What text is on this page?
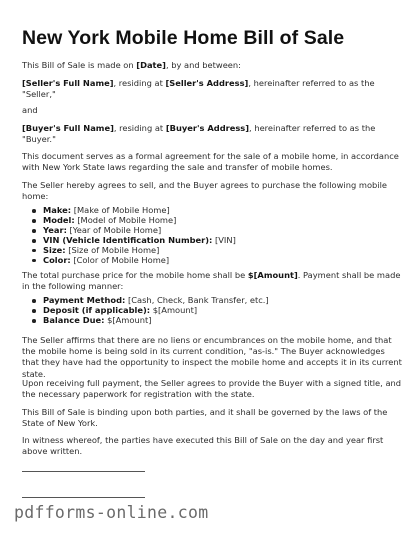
New York Mobile Home Bill of Sale

This Bill of Sale is made on [Date], by and between:

[Seller's Full Name], residing at [Seller's Address], hereinafter referred to as the "Seller,"

and

[Buyer's Full Name], residing at [Buyer's Address], hereinafter referred to as the "Buyer."

This document serves as a formal agreement for the sale of a mobile home, in accordance with New York State laws regarding the sale and transfer of mobile homes.

The Seller hereby agrees to sell, and the Buyer agrees to purchase the following mobile home:

Make: [Make of Mobile Home]
Model: [Model of Mobile Home]
Year: [Year of Mobile Home]
VIN (Vehicle Identification Number): [VIN]
Size: [Size of Mobile Home]
Color: [Color of Mobile Home]

The total purchase price for the mobile home shall be $[Amount]. Payment shall be made in the following manner:

Payment Method: [Cash, Check, Bank Transfer, etc.]
Deposit (if applicable): $[Amount]
Balance Due: $[Amount]

The Seller affirms that there are no liens or encumbrances on the mobile home, and that the mobile home is being sold in its current condition, "as-is." The Buyer acknowledges that they have had the opportunity to inspect the mobile home and accepts it in its current state.

Upon receiving full payment, the Seller agrees to provide the Buyer with a signed title, and the necessary paperwork for registration with the state.

This Bill of Sale is binding upon both parties, and it shall be governed by the laws of the State of New York.

In witness whereof, the parties have executed this Bill of Sale on the day and year first above written.

pdfforms-online.com
